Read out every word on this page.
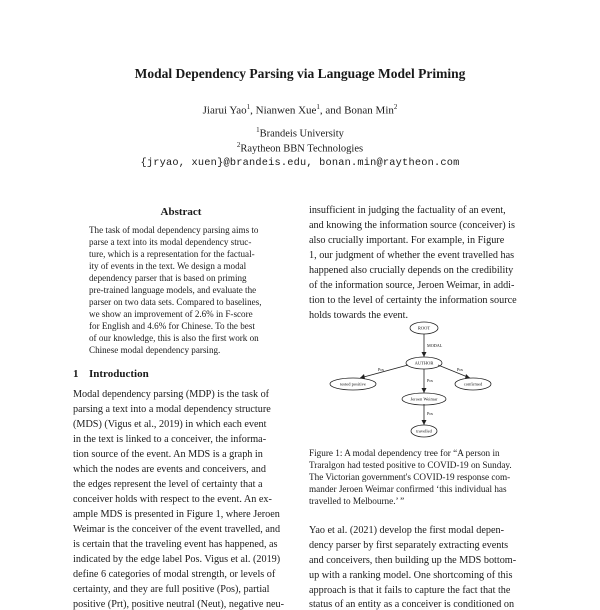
Modal Dependency Parsing via Language Model Priming
Jiarui Yao$^1$, Nianwen Xue$^1$, and Bonan Min$^2$
$^1$Brandeis University
$^2$Raytheon BBN Technologies
{jryao, xuen}@brandeis.edu, bonan.min@raytheon.com
Abstract
The task of modal dependency parsing aims to
parse a text into its modal dependency struc-
ture, which is a representation for the factual-
ity of events in the text. We design a modal
dependency parser that is based on priming
pre-trained language models, and evaluate the
parser on two data sets. Compared to baselines,
we show an improvement of 2.6% in F-score
for English and 4.6% for Chinese. To the best
of our knowledge, this is also the first work on
Chinese modal dependency parsing.
1 Introduction
Modal dependency parsing (MDP) is the task of
parsing a text into a modal dependency structure
(MDS) (Vigus et al., 2019) in which each event
in the text is linked to a conceiver, the informa-
tion source of the event. An MDS is a graph in
which the nodes are events and conceivers, and
the edges represent the level of certainty that a
conceiver holds with respect to the event. An ex-
ample MDS is presented in Figure 1, where Jeroen
Weimar is the conceiver of the event travelled, and
is certain that the traveling event has happened, as
indicated by the edge label Pos. Vigus et al. (2019)
define 6 categories of modal strength, or levels of
certainty, and they are full positive (Pos), partial
insufficient in judging the factuality of an event,
and knowing the information source (conceiver) is
also crucially important. For example, in Figure
1, our judgment of whether the event travelled has
happened also crucially depends on the credibility
of the information source, Jeroen Weimar, in addi-
tion to the level of certainty the information source
holds towards the event.
ROOT
AUTHOR
tested positive	confirmed
Jeroen Weimar
travelled
MODAL
Pos	Pos
Pos
Pos
Figure 1: A modal dependency tree for “A person in
Traralgon had tested positive to COVID-19 on Sunday.
The Victorian government's COVID-19 response com-
mander Jeroen Weimar confirmed ‘this individual has
travelled to Melbourne.’ ”
Yao et al. (2021) develop the first modal depen-
dency parser by first separately extracting events
and conceivers, then building up the MDS bottom-
up with a ranking model. One shortcoming of this
approach is that it fails to capture the fact that the
positive (Prt), positive neutral (Neut), negative neu-	status of an entity as a conceiver is conditioned on
